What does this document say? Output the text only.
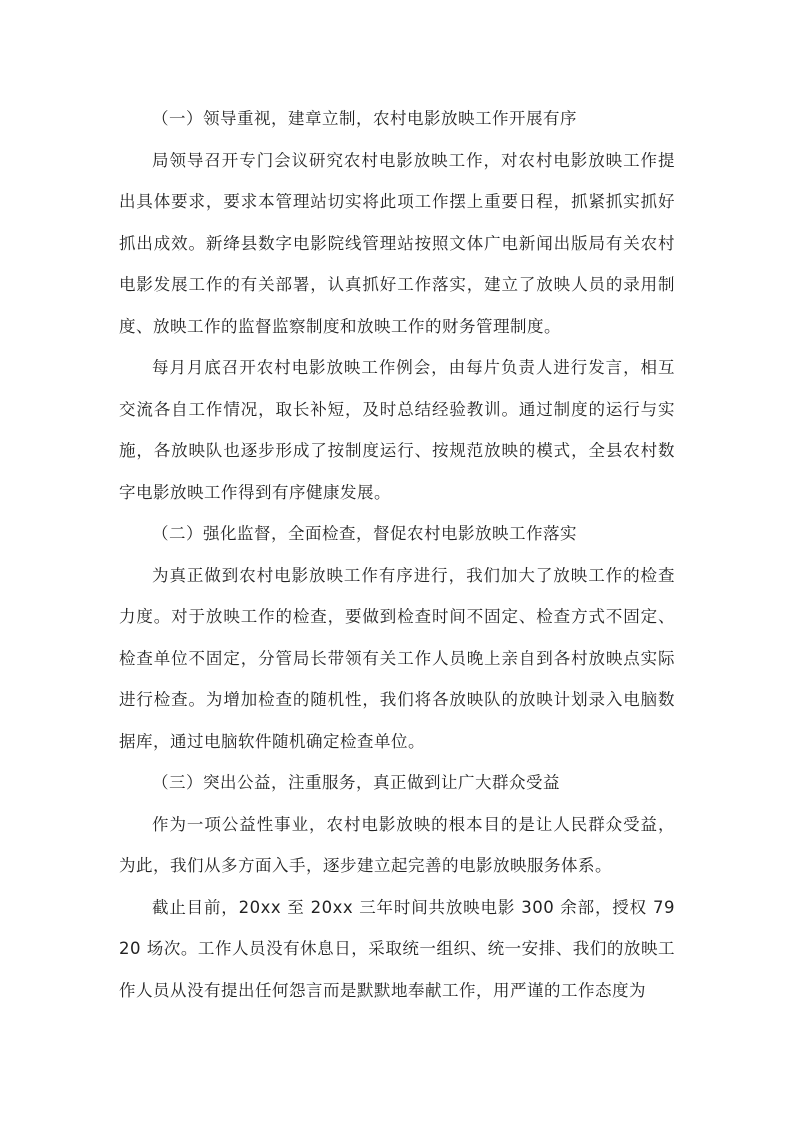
（一）领导重视，建章立制，农村电影放映工作开展有序

局领导召开专门会议研究农村电影放映工作，对农村电影放映工作提出具体要求，要求本管理站切实将此项工作摆上重要日程，抓紧抓实抓好抓出成效。新绛县数字电影院线管理站按照文体广电新闻出版局有关农村电影发展工作的有关部署，认真抓好工作落实，建立了放映人员的录用制度、放映工作的监督监察制度和放映工作的财务管理制度。

每月月底召开农村电影放映工作例会，由每片负责人进行发言，相互交流各自工作情况，取长补短，及时总结经验教训。通过制度的运行与实施，各放映队也逐步形成了按制度运行、按规范放映的模式，全县农村数字电影放映工作得到有序健康发展。

（二）强化监督，全面检查，督促农村电影放映工作落实

为真正做到农村电影放映工作有序进行，我们加大了放映工作的检查力度。对于放映工作的检查，要做到检查时间不固定、检查方式不固定、检查单位不固定，分管局长带领有关工作人员晚上亲自到各村放映点实际进行检查。为增加检查的随机性，我们将各放映队的放映计划录入电脑数据库，通过电脑软件随机确定检查单位。

（三）突出公益，注重服务，真正做到让广大群众受益

作为一项公益性事业，农村电影放映的根本目的是让人民群众受益，为此，我们从多方面入手，逐步建立起完善的电影放映服务体系。

截止目前，20xx 至 20xx 三年时间共放映电影 300 余部，授权 7920 场次。工作人员没有休息日，采取统一组织、统一安排、我们的放映工作人员从没有提出任何怨言而是默默地奉献工作，用严谨的工作态度为
